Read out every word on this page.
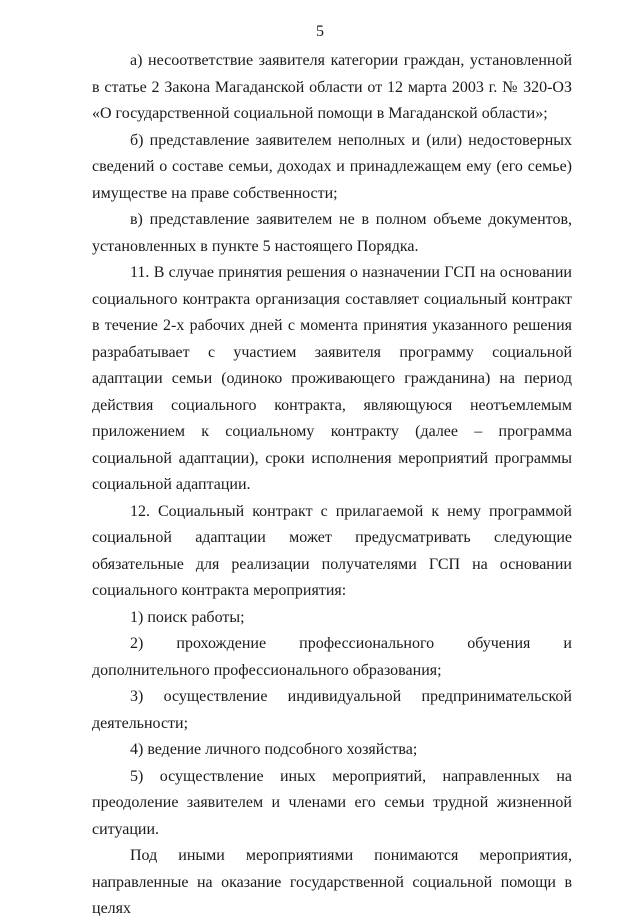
5

а) несоответствие заявителя категории граждан, установленной в статье 2 Закона Магаданской области от 12 марта 2003 г. № 320-ОЗ «О государственной социальной помощи в Магаданской области»;

б) представление заявителем неполных и (или) недостоверных сведений о составе семьи, доходах и принадлежащем ему (его семье) имуществе на праве собственности;

в) представление заявителем не в полном объеме документов, установленных в пункте 5 настоящего Порядка.

11. В случае принятия решения о назначении ГСП на основании социального контракта организация составляет социальный контракт в течение 2-х рабочих дней с момента принятия указанного решения разрабатывает с участием заявителя программу социальной адаптации семьи (одиноко проживающего гражданина) на период действия социального контракта, являющуюся неотъемлемым приложением к социальному контракту (далее – программа социальной адаптации), сроки исполнения мероприятий программы социальной адаптации.

12. Социальный контракт с прилагаемой к нему программой социальной адаптации может предусматривать следующие обязательные для реализации получателями ГСП на основании социального контракта мероприятия:

1) поиск работы;

2) прохождение профессионального обучения и дополнительного профессионального образования;

3) осуществление индивидуальной предпринимательской деятельности;

4) ведение личного подсобного хозяйства;

5) осуществление иных мероприятий, направленных на преодоление заявителем и членами его семьи трудной жизненной ситуации.

Под иными мероприятиями понимаются мероприятия, направленные на оказание государственной социальной помощи в целях
